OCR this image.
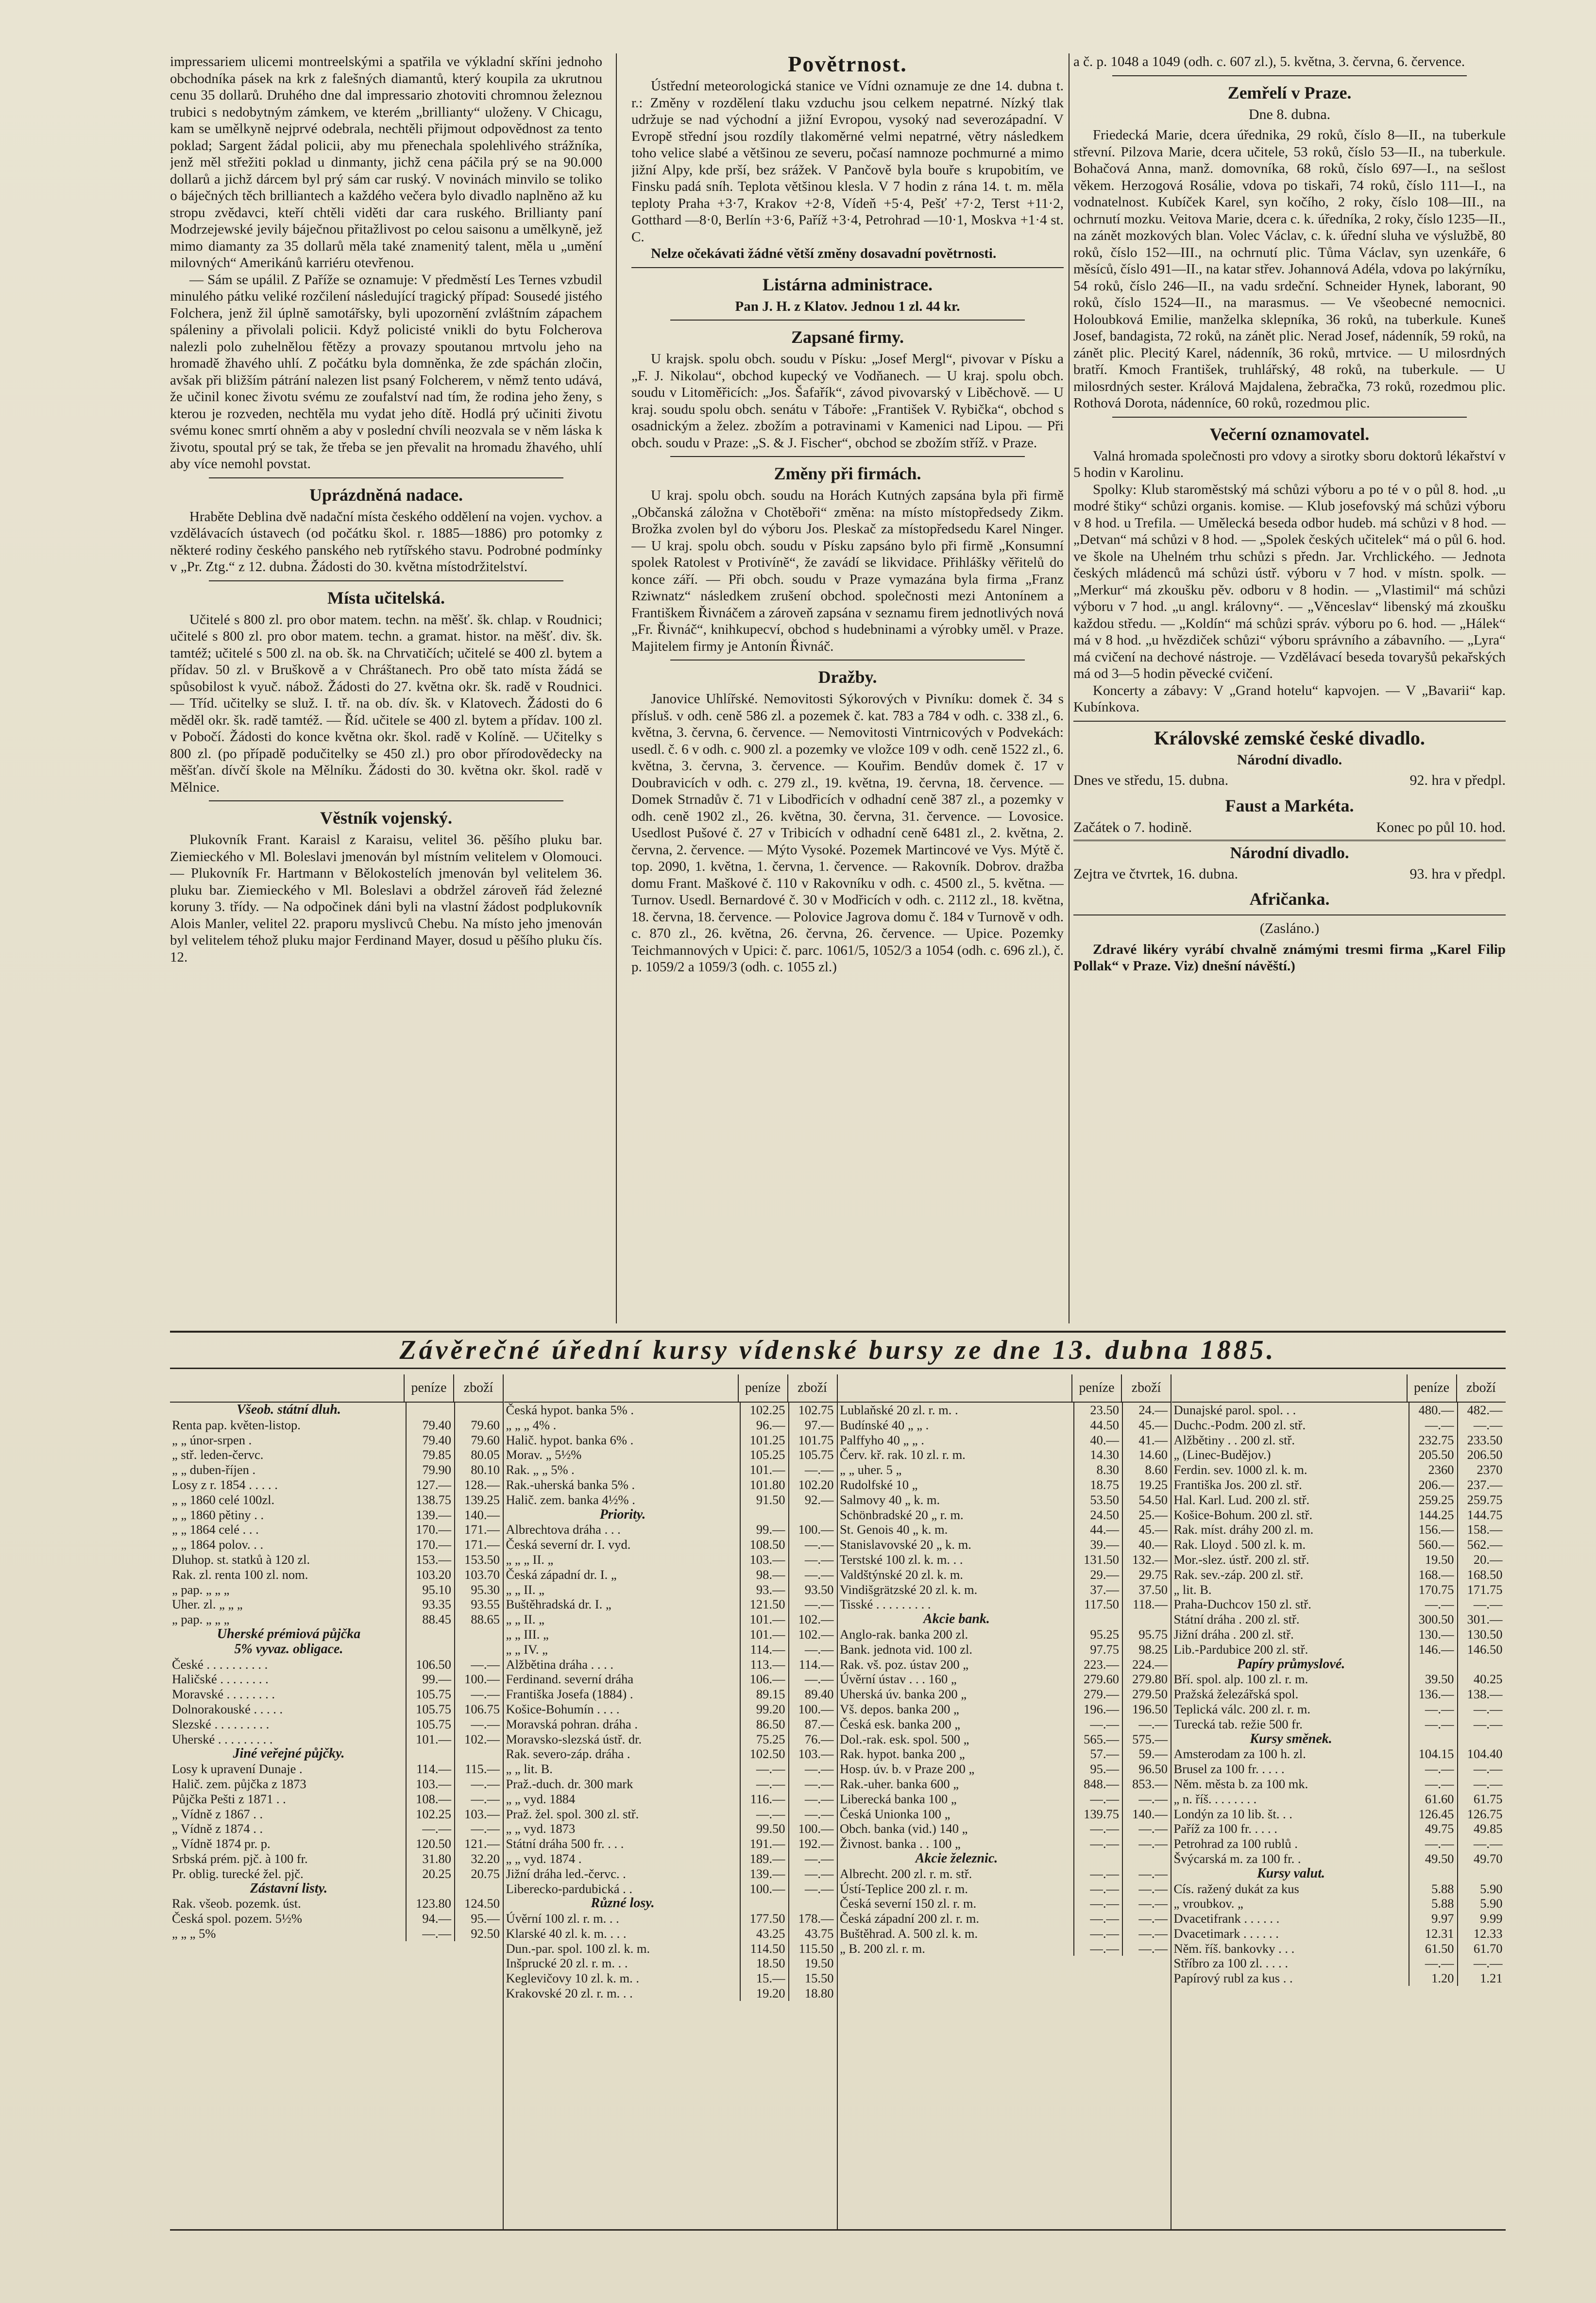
impressariem ulicemi montreelskými a spatřila ve výkladní skříni jednoho obchodníka pásek na krk z falešných diamantů, který koupila za ukrutnou cenu 35 dollarů. Druhého dne dal impressario zhotoviti chromnou železnou trubici s nedobytným zámkem, ve kterém „brillianty“ uloženy. V Chicagu, kam se umělkyně nejprvé odebrala, nechtěli přijmout odpovědnost za tento poklad; Sargent žádal policii, aby mu přenechala spolehlivého strážníka, jenž měl střežiti poklad u dinmanty, jichž cena páčila prý se na 90.000 dollarů a jichž dárcem byl prý sám car ruský. V novinách minvilo se toliko o báječných těch brilliantech a každého večera bylo divadlo naplněno až ku stropu zvědavci, kteří chtěli viděti dar cara ruského. Brillianty paní Modrzejewské jevily báječnou přitažlivost po celou saisonu a umělkyně, jež mimo diamanty za 35 dollarů měla také znamenitý talent, měla u „umění milovných“ Amerikánů karriéru otevřenou.

— Sám se upálil. Z Paříže se oznamuje: V předměstí Les Ternes vzbudil minulého pátku veliké rozčilení následující tragický případ: Sousedé jistého Folchera, jenž žil úplně samotářsky, byli upozornění zvláštním zápachem spáleniny a přivolali policii. Když policisté vnikli do bytu Folcherova nalezli polo zuhelnělou fětězy a provazy spoutanou mrtvolu jeho na hromadě žhavého uhlí. Z počátku byla domněnka, že zde spáchán zločin, avšak při bližším pátrání nalezen list psaný Folcherem, v němž tento udává, že učinil konec životu svému ze zoufalství nad tím, že rodina jeho ženy, s kterou je rozveden, nechtěla mu vydat jeho dítě. Hodlá prý učiniti životu svému konec smrtí ohněm a aby v poslední chvíli neozvala se v něm láska k životu, spoutal prý se tak, že třeba se jen převalit na hromadu žhavého, uhlí aby více nemohl povstat.

Uprázdněná nadace.

Hraběte Deblina dvě nadační místa českého oddělení na vojen. vychov. a vzdělávacích ústavech (od počátku škol. r. 1885—1886) pro potomky z některé rodiny českého panského neb rytířského stavu. Podrobné podmínky v „Pr. Ztg.“ z 12. dubna. Žádosti do 30. května místodržitelství.

Místa učitelská.

Učitelé s 800 zl. pro obor matem. techn. na měšť. šk. chlap. v Roudnici; učitelé s 800 zl. pro obor matem. techn. a gramat. histor. na měšť. div. šk. tamtéž; učitelé s 500 zl. na ob. šk. na Chrvatičích; učitelé se 400 zl. bytem a přídav. 50 zl. v Bruškově a v Chráštanech. Pro obě tato místa žádá se spůsobilost k vyuč. nábož. Žádosti do 27. května okr. šk. radě v Roudnici. — Tříd. učitelky se služ. I. tř. na ob. dív. šk. v Klatovech. Žádosti do 6 měděl okr. šk. radě tamtéž. — Říd. učitele se 400 zl. bytem a přídav. 100 zl. v Pobočí. Žádosti do konce května okr. škol. radě v Kolíně. — Učitelky s 800 zl. (po případě podučitelky se 450 zl.) pro obor přírodovědecky na měšťan. dívčí škole na Mělníku. Žádosti do 30. května okr. škol. radě v Mělnice.

Věstník vojenský.

Plukovník Frant. Karaisl z Karaisu, velitel 36. pěšího pluku bar. Ziemieckého v Ml. Boleslavi jmenován byl místním velitelem v Olomouci. — Plukovník Fr. Hartmann v Bělokostelích jmenován byl velitelem 36. pluku bar. Ziemieckého v Ml. Boleslavi a obdržel zároveň řád železné koruny 3. třídy. — Na odpočinek dáni byli na vlastní žádost podplukovník Alois Manler, velitel 22. praporu myslivců Chebu. Na místo jeho jmenován byl velitelem téhož pluku major Ferdinand Mayer, dosud u pěšího pluku čís. 12.

Povětrnost.

Ústřední meteorologická stanice ve Vídni oznamuje ze dne 14. dubna t. r.: Změny v rozdělení tlaku vzduchu jsou celkem nepatrné. Nízký tlak udržuje se nad východní a jižní Evropou, vysoký nad severozápadní. V Evropě střední jsou rozdíly tlakoměrné velmi nepatrné, větry následkem toho velice slabé a většinou ze severu, počasí namnoze pochmurné a mimo jižní Alpy, kde prší, bez srážek. V Pančově byla bouře s krupobitím, ve Finsku padá sníh. Teplota většinou klesla. V 7 hodin z rána 14. t. m. měla teploty Praha +3·7, Krakov +2·8, Vídeň +5·4, Pešť +7·2, Terst +11·2, Gotthard —8·0, Berlín +3·6, Paříž +3·4, Petrohrad —10·1, Moskva +1·4 st. C.

Nelze očekávati žádné větší změny dosavadní povětrnosti.

Listárna administrace.
Pan J. H. z Klatov. Jednou 1 zl. 44 kr.
Zapsané firmy.

U krajsk. spolu obch. soudu v Písku: „Josef Mergl“, pivovar v Písku a „F. J. Nikolau“, obchod kupecký ve Vodňanech. — U kraj. spolu obch. soudu v Litoměřicích: „Jos. Šafařík“, závod pivovarský v Liběchově. — U kraj. soudu spolu obch. senátu v Táboře: „František V. Rybička“, obchod s osadnickým a želez. zbožím a potravinami v Kamenici nad Lipou. — Při obch. soudu v Praze: „S. & J. Fischer“, obchod se zbožím stříž. v Praze.

Změny při firmách.

U kraj. spolu obch. soudu na Horách Kutných zapsána byla při firmě „Občanská záložna v Chotěboři“ změna: na místo místopředsedy Zikm. Brožka zvolen byl do výboru Jos. Pleskač za místopředsedu Karel Ninger. — U kraj. spolu obch. soudu v Písku zapsáno bylo při firmě „Konsumní spolek Ratolest v Protivíně“, že zavádí se likvidace. Přihlášky věřitelů do konce září. — Při obch. soudu v Praze vymazána byla firma „Franz Rziwnatz“ následkem zrušení obchod. společnosti mezi Antonínem a Františkem Řivnáčem a zároveň zapsána v seznamu firem jednotlivých nová „Fr. Řivnáč“, knihkupecví, obchod s hudebninami a výrobky uměl. v Praze. Majitelem firmy je Antonín Řivnáč.

Dražby.

Janovice Uhlířské. Nemovitosti Sýkorových v Pivníku: domek č. 34 s přísluš. v odh. ceně 586 zl. a pozemek č. kat. 783 a 784 v odh. c. 338 zl., 6. května, 3. června, 6. července. — Nemovitosti Vintrnicových v Podvekách: usedl. č. 6 v odh. c. 900 zl. a pozemky ve vložce 109 v odh. ceně 1522 zl., 6. května, 3. června, 3. července. — Kouřim. Bendův domek č. 17 v Doubravicích v odh. c. 279 zl., 19. května, 19. června, 18. července. — Domek Strnadův č. 71 v Libodřicích v odhadní ceně 387 zl., a pozemky v odh. ceně 1902 zl., 26. května, 30. června, 31. července. — Lovosice. Usedlost Pušové č. 27 v Tribicích v odhadní ceně 6481 zl., 2. května, 2. června, 2. července. — Mýto Vysoké. Pozemek Martincové ve Vys. Mýtě č. top. 2090, 1. května, 1. června, 1. července. — Rakovník. Dobrov. dražba domu Frant. Maškové č. 110 v Rakovníku v odh. c. 4500 zl., 5. května. — Turnov. Usedl. Bernardové č. 30 v Modřicích v odh. c. 2112 zl., 18. května, 18. června, 18. července. — Polovice Jagrova domu č. 184 v Turnově v odh. c. 870 zl., 26. května, 26. června, 26. července. — Upice. Pozemky Teichmannových v Upici: č. parc. 1061/5, 1052/3 a 1054 (odh. c. 696 zl.), č. p. 1059/2 a 1059/3 (odh. c. 1055 zl.)

a č. p. 1048 a 1049 (odh. c. 607 zl.), 5. května, 3. června, 6. července.

Zemřelí v Praze.
Dne 8. dubna.

Friedecká Marie, dcera úřednika, 29 roků, číslo 8—II., na tuberkule střevní. Pilzova Marie, dcera učitele, 53 roků, číslo 53—II., na tuberkule. Bohačová Anna, manž. domovníka, 68 roků, číslo 697—I., na sešlost věkem. Herzogová Rosálie, vdova po tiskaři, 74 roků, číslo 111—I., na vodnatelnost. Kubíček Karel, syn kočího, 2 roky, číslo 108—III., na ochrnutí mozku. Veitova Marie, dcera c. k. úředníka, 2 roky, číslo 1235—II., na zánět mozkových blan. Volec Václav, c. k. úřední sluha ve výslužbě, 80 roků, číslo 152—III., na ochrnutí plic. Tůma Václav, syn uzenkáře, 6 měsíců, číslo 491—II., na katar střev. Johannová Adéla, vdova po lakýrníku, 54 roků, číslo 246—II., na vadu srdeční. Schneider Hynek, laborant, 90 roků, číslo 1524—II., na marasmus. — Ve všeobecné nemocnici. Holoubková Emilie, manželka sklepníka, 36 roků, na tuberkule. Kuneš Josef, bandagista, 72 roků, na zánět plic. Nerad Josef, nádenník, 59 roků, na zánět plic. Plecitý Karel, nádenník, 36 roků, mrtvice. — U milosrdných bratří. Kmoch František, truhlářský, 48 roků, na tuberkule. — U milosrdných sester. Králová Majdalena, žebračka, 73 roků, rozedmou plic. Rothová Dorota, nádenníce, 60 roků, rozedmou plic.

Večerní oznamovatel.

Valná hromada společnosti pro vdovy a sirotky sboru doktorů lékařství v 5 hodin v Karolinu.

Spolky: Klub staroměstský má schůzi výboru a po té v o půl 8. hod. „u modré štiky“ schůzi organis. komise. — Klub josefovský má schůzi výboru v 8 hod. u Trefila. — Umělecká beseda odbor hudeb. má schůzi v 8 hod. — „Detvan“ má schůzi v 8 hod. — „Spolek českých učitelek“ má o půl 6. hod. ve škole na Uhelném trhu schůzi s předn. Jar. Vrchlického. — Jednota českých mládenců má schůzi ústř. výboru v 7 hod. v místn. spolk. — „Merkur“ má zkoušku pěv. odboru v 8 hodin. — „Vlastimil“ má schůzi výboru v 7 hod. „u angl. královny“. — „Věnceslav“ libenský má zkoušku každou středu. — „Koldín“ má schůzi správ. výboru po 6. hod. — „Hálek“ má v 8 hod. „u hvězdiček schůzi“ výboru správního a zábavního. — „Lyra“ má cvičení na dechové nástroje. — Vzdělávací beseda tovaryšů pekařských má od 3—5 hodin pěvecké cvičení.

Koncerty a zábavy: V „Grand hotelu“ kapvojen. — V „Bavarii“ kap. Kubínkova.

Královské zemské české divadlo.
Národní divadlo.
Dnes ve středu, 15. dubna.	92. hra v předpl.
Faust a Markéta.
Začátek o 7. hodině.	Konec po půl 10. hod.
Národní divadlo.
Zejtra ve čtvrtek, 16. dubna.	93. hra v předpl.
Afričanka.
(Zasláno.)

Zdravé likéry vyrábí chvalně známými tresmi firma „Karel Filip Pollak“ v Praze. Viz) dnešní návěští.)

Závěrečné úřední kursy vídenské bursy ze dne 13. dubna 1885.
peníze	zboží
Všeob. státní dluh.
Renta pap. květen-listop.	79.40	79.60
„ „ únor-srpen .	79.40	79.60
„ stř. leden-červc.	79.85	80.05
„ „ duben-říjen .	79.90	80.10
Losy z r. 1854 . . . . .	127.—	128.—
„ „ 1860 celé 100zl.	138.75	139.25
„ „ 1860 pětiny . .	139.—	140.—
„ „ 1864 celé . . .	170.—	171.—
„ „ 1864 polov. . .	170.—	171.—
Dluhop. st. statků à 120 zl.	153.—	153.50
Rak. zl. renta 100 zl. nom.	103.20	103.70
„ pap. „ „ „	95.10	95.30
Uher. zl. „ „ „	93.35	93.55
„ pap. „ „ „	88.45	88.65
Uherské prémiová půjčka
5% vyvaz. obligace.
České . . . . . . . . . .	106.50	—.—
Haličské . . . . . . . .	99.—	100.—
Moravské . . . . . . . .	105.75	—.—
Dolnorakouské . . . . .	105.75	106.75
Slezské . . . . . . . . .	105.75	—.—
Uherské . . . . . . . . .	101.—	102.—
Jiné veřejné půjčky.
Losy k upravení Dunaje .	114.—	115.—
Halič. zem. půjčka z 1873	103.—	—.—
Půjčka Pešti z 1871 . .	108.—	—.—
„ Vídně z 1867 . .	102.25	103.—
„ Vídně z 1874 . .	—.—	—.—
„ Vídně 1874 pr. p.	120.50	121.—
Srbská prém. pjč. à 100 fr.	31.80	32.20
Pr. oblig. turecké žel. pjč.	20.25	20.75
Zástavní listy.
Rak. všeob. pozemk. úst.	123.80	124.50
Česká spol. pozem. 5½%	94.—	95.—
„ „ „ 5%	—.—	92.50
peníze	zboží
Česká hypot. banka 5% .	102.25	102.75
„ „ „ 4% .	96.—	97.—
Halič. hypot. banka 6% .	101.25	101.75
Morav. „ 5½%	105.25	105.75
Rak. „ „ 5% .	101.—	—.—
Rak.-uherská banka 5% .	101.80	102.20
Halič. zem. banka 4½% .	91.50	92.—
Priority.
Albrechtova dráha . . .	99.—	100.—
Česká severní dr. I. vyd.	108.50	—.—
„ „ „ II. „	103.—	—.—
Česká západní dr. I. „	98.—	—.—
„ „ II. „	93.—	93.50
Buštěhradská dr. I. „	121.50	—.—
„ „ II. „	101.—	102.—
„ „ III. „	101.—	102.—
„ „ IV. „	114.—	—.—
Alžbětina dráha . . . .	113.—	114.—
Ferdinand. severní dráha	106.—	—.—
Františka Josefa (1884) .	89.15	89.40
Košice-Bohumín . . . .	99.20	100.—
Moravská pohran. dráha .	86.50	87.—
Moravsko-slezská ústř. dr.	75.25	76.—
Rak. severo-záp. dráha .	102.50	103.—
„ „ lit. B.	—.—	—.—
Praž.-duch. dr. 300 mark	—.—	—.—
„ „ vyd. 1884	116.—	—.—
Praž. žel. spol. 300 zl. stř.	—.—	—.—
„ „ vyd. 1873	99.50	100.—
Státní dráha 500 fr. . . .	191.—	192.—
„ „ vyd. 1874 .	189.—	—.—
Jižní dráha led.-červc. .	139.—	—.—
Liberecko-pardubická . .	100.—	—.—
Různé losy.
Úvěrní 100 zl. r. m. . .	177.50	178.—
Klarské 40 zl. k. m. . . .	43.25	43.75
Dun.-par. spol. 100 zl. k. m.	114.50	115.50
Inšprucké 20 zl. r. m. . .	18.50	19.50
Keglevičovy 10 zl. k. m. .	15.—	15.50
Krakovské 20 zl. r. m. . .	19.20	18.80
peníze	zboží
Lublaňské 20 zl. r. m. .	23.50	24.—
Budínské 40 „ „ .	44.50	45.—
Palffyho 40 „ „ .	40.—	41.—
Červ. kř. rak. 10 zl. r. m.	14.30	14.60
„ „ uher. 5 „	8.30	8.60
Rudolfské 10 „	18.75	19.25
Salmovy 40 „ k. m.	53.50	54.50
Schönbradské 20 „ r. m.	24.50	25.—
St. Genois 40 „ k. m.	44.—	45.—
Stanislavovské 20 „ k. m.	39.—	40.—
Terstské 100 zl. k. m. . .	131.50	132.—
Valdštýnské 20 zl. k. m.	29.—	29.75
Vindišgrätzské 20 zl. k. m.	37.—	37.50
Tisské . . . . . . . . .	117.50	118.—
Akcie bank.
Anglo-rak. banka 200 zl.	95.25	95.75
Bank. jednota vid. 100 zl.	97.75	98.25
Rak. vš. poz. ústav 200 „	223.—	224.—
Úvěrní ústav . . . 160 „	279.60	279.80
Uherská úv. banka 200 „	279.—	279.50
Vš. depos. banka 200 „	196.—	196.50
Česká esk. banka 200 „	—.—	—.—
Dol.-rak. esk. spol. 500 „	565.—	575.—
Rak. hypot. banka 200 „	57.—	59.—
Hosp. úv. b. v Praze 200 „	95.—	96.50
Rak.-uher. banka 600 „	848.—	853.—
Liberecká banka 100 „	—.—	—.—
Česká Unionka 100 „	139.75	140.—
Obch. banka (vid.) 140 „	—.—	—.—
Živnost. banka . . 100 „	—.—	—.—
Akcie železnic.
Albrecht. 200 zl. r. m. stř.	—.—	—.—
Ústí-Teplice 200 zl. r. m.	—.—	—.—
Česká severní 150 zl. r. m.	—.—	—.—
Česká západní 200 zl. r. m.	—.—	—.—
Buštěhrad. A. 500 zl. k. m.	—.—	—.—
„ B. 200 zl. r. m.	—.—	—.—
peníze	zboží
Dunajské parol. spol. . .	480.—	482.—
Duchc.-Podm. 200 zl. stř.	—.—	—.—
Alžbětiny . . 200 zl. stř.	232.75	233.50
„ (Linec-Budějov.)	205.50	206.50
Ferdin. sev. 1000 zl. k. m.	2360	2370
Františka Jos. 200 zl. stř.	206.—	237.—
Hal. Karl. Lud. 200 zl. stř.	259.25	259.75
Košice-Bohum. 200 zl. stř.	144.25	144.75
Rak. míst. dráhy 200 zl. m.	156.—	158.—
Rak. Lloyd . 500 zl. k. m.	560.—	562.—
Mor.-slez. ústř. 200 zl. stř.	19.50	20.—
Rak. sev.-záp. 200 zl. stř.	168.—	168.50
„ lit. B.	170.75	171.75
Praha-Duchcov 150 zl. stř.	—.—	—.—
Státní dráha . 200 zl. stř.	300.50	301.—
Jižní dráha . 200 zl. stř.	130.—	130.50
Lib.-Pardubice 200 zl. stř.	146.—	146.50
Papíry průmyslové.
Bří. spol. alp. 100 zl. r. m.	39.50	40.25
Pražská železářská spol.	136.—	138.—
Teplická válc. 200 zl. r. m.	—.—	—.—
Turecká tab. režie 500 fr.	—.—	—.—
Kursy směnek.
Amsterodam za 100 h. zl.	104.15	104.40
Brusel za 100 fr. . . . .	—.—	—.—
Něm. města b. za 100 mk.	—.—	—.—
„ n. říš. . . . . . . .	61.60	61.75
Londýn za 10 lib. št. . .	126.45	126.75
Paříž za 100 fr. . . . .	49.75	49.85
Petrohrad za 100 rublů .	—.—	—.—
Švýcarská m. za 100 fr. .	49.50	49.70
Kursy valut.
Cís. ražený dukát za kus	5.88	5.90
„ vroubkov. „	5.88	5.90
Dvacetifrank . . . . . .	9.97	9.99
Dvacetimark . . . . . .	12.31	12.33
Něm. říš. bankovky . . .	61.50	61.70
Stříbro za 100 zl. . . . .	—.—	—.—
Papírový rubl za kus . .	1.20	1.21
